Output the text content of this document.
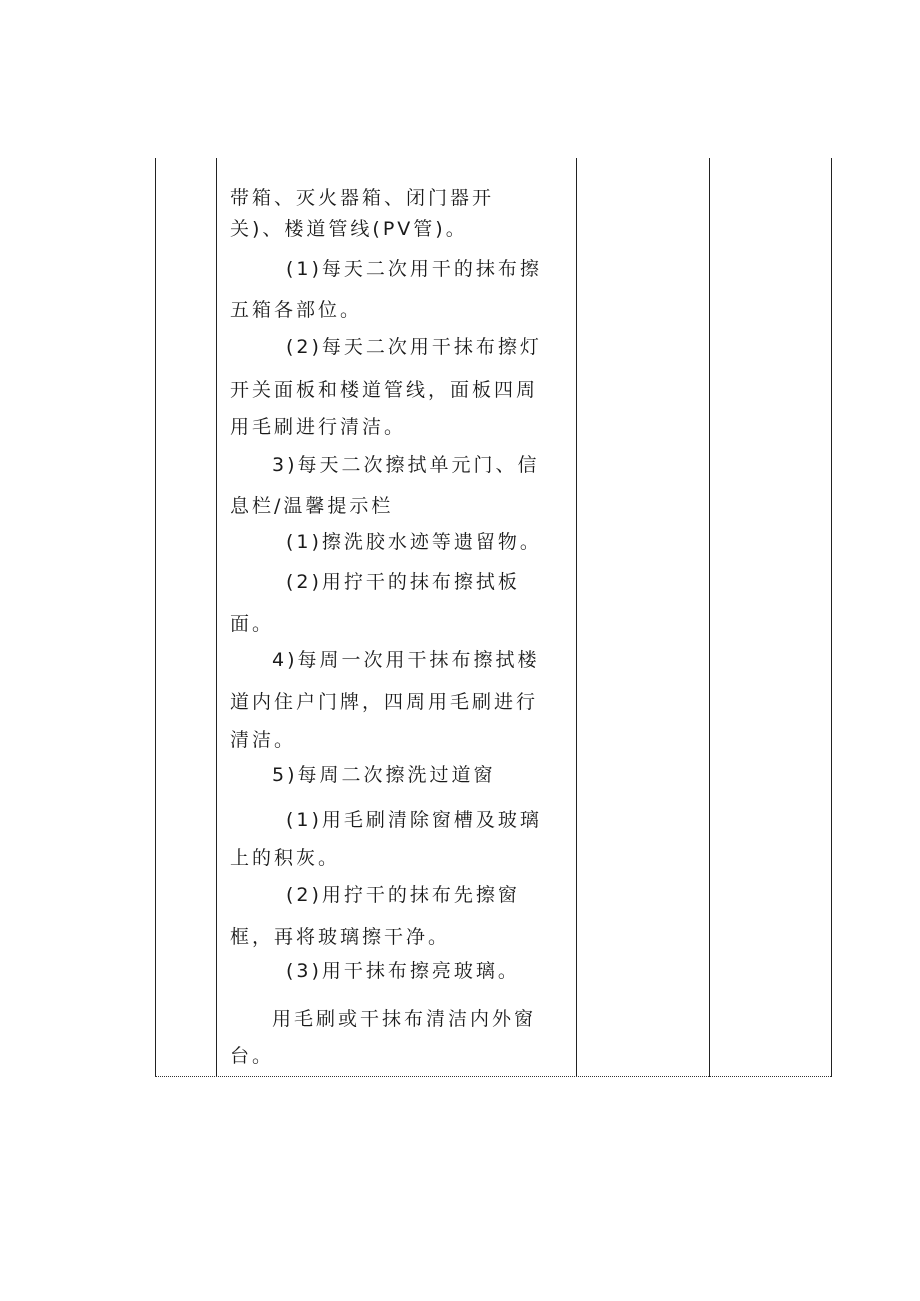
带箱、灭火器箱、闭门器开
关)、楼道管线(PV管)。
(1)每天二次用干的抹布擦
五箱各部位。
(2)每天二次用干抹布擦灯
开关面板和楼道管线，面板四周
用毛刷进行清洁。
3)每天二次擦拭单元门、信
息栏/温馨提示栏
(1)擦洗胶水迹等遗留物。
(2)用拧干的抹布擦拭板
面。
4)每周一次用干抹布擦拭楼
道内住户门牌，四周用毛刷进行
清洁。
5)每周二次擦洗过道窗
(1)用毛刷清除窗槽及玻璃
上的积灰。
(2)用拧干的抹布先擦窗
框，再将玻璃擦干净。
(3)用干抹布擦亮玻璃。
用毛刷或干抹布清洁内外窗
台。
